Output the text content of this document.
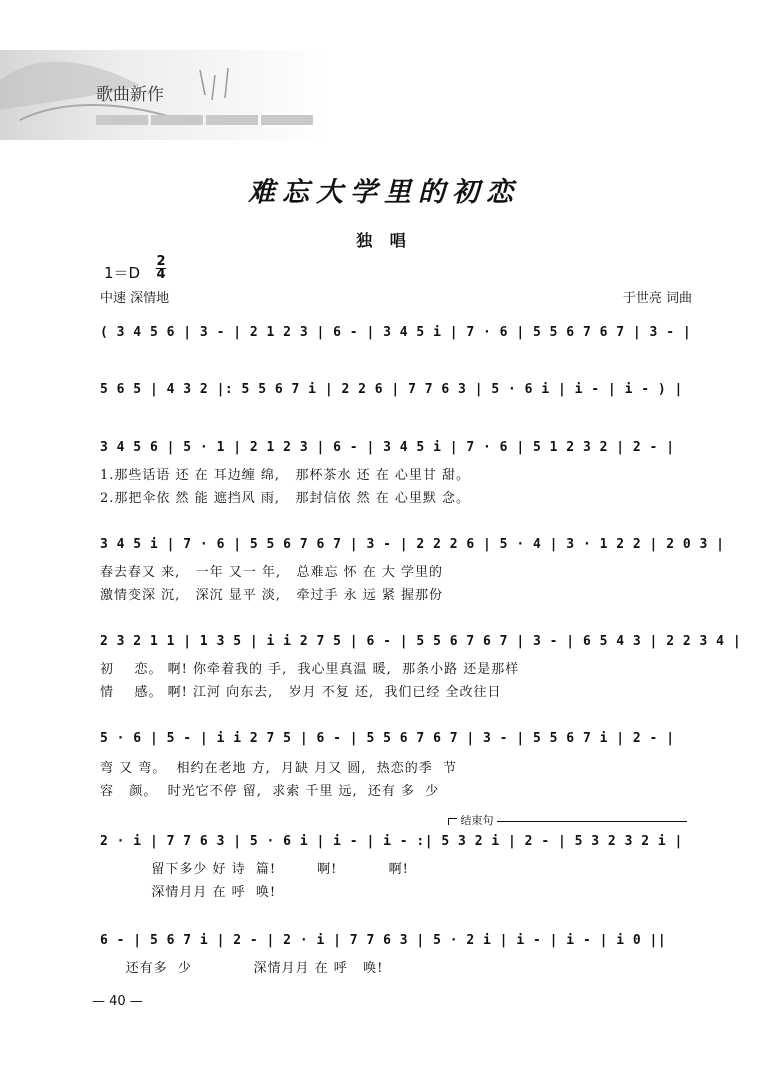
歌曲新作
难忘大学里的初恋
独 唱
1＝D
2
4
中速 深情地	于世亮 词曲
( 3 4 5 6 | 3 - | 2 1 2 3 | 6 - | 3 4 5 i | 7 · 6 | 5 5 6 7 6 7 | 3 - |
5 6 5 | 4 3 2 |: 5 5 6 7 i | 2 2 6 | 7 7 6 3 | 5 · 6 i | i - | i - ) |
3 4 5 6 | 5 · 1 | 2 1 2 3 | 6 - | 3 4 5 i | 7 · 6 | 5 1 2 3 2 | 2 - |
1.那些话语 还 在 耳边缠 绵,   那杯茶水 还 在 心里甘 甜。
2.那把伞依 然 能 遮挡风 雨,   那封信依 然 在 心里默 念。
3 4 5 i | 7 · 6 | 5 5 6 7 6 7 | 3 - | 2 2 2 6 | 5 · 4 | 3 · 1 2 2 | 2 0 3 |
春去春又 来,   一年 又一 年,   总难忘 怀 在 大 学里的
激情变深 沉,   深沉 显平 淡,   牵过手 永 远 紧 握那份
2 3 2 1 1 | 1 3 5 | i i 2 7 5 | 6 - | 5 5 6 7 6 7 | 3 - | 6 5 4 3 | 2 2 3 4 |
初    恋。 啊! 你牵着我的 手,  我心里真温 暖,  那条小路 还是那样
情    感。 啊! 江河 向东去,   岁月 不复 还,  我们已经 全改往日
5 · 6 | 5 - | i i 2 7 5 | 6 - | 5 5 6 7 6 7 | 3 - | 5 5 6 7 i | 2 - |
弯 又 弯。  相约在老地 方,  月缺 月又 圆,  热恋的季  节
容   颜。  时光它不停 留,  求索 千里 远,  还有 多  少
结束句
2 · i | 7 7 6 3 | 5 · 6 i | i - | i - :| 5 3 2 i | 2 - | 5 3 2 3 2 i |
留下多少 好 诗  篇!        啊!          啊!
深情月月 在 呼  唤!
6 - | 5 6 7 i | 2 - | 2 · i | 7 7 6 3 | 5 · 2 i | i - | i - | i 0 ||
还有多  少            深情月月 在 呼   唤!
— 40 —
